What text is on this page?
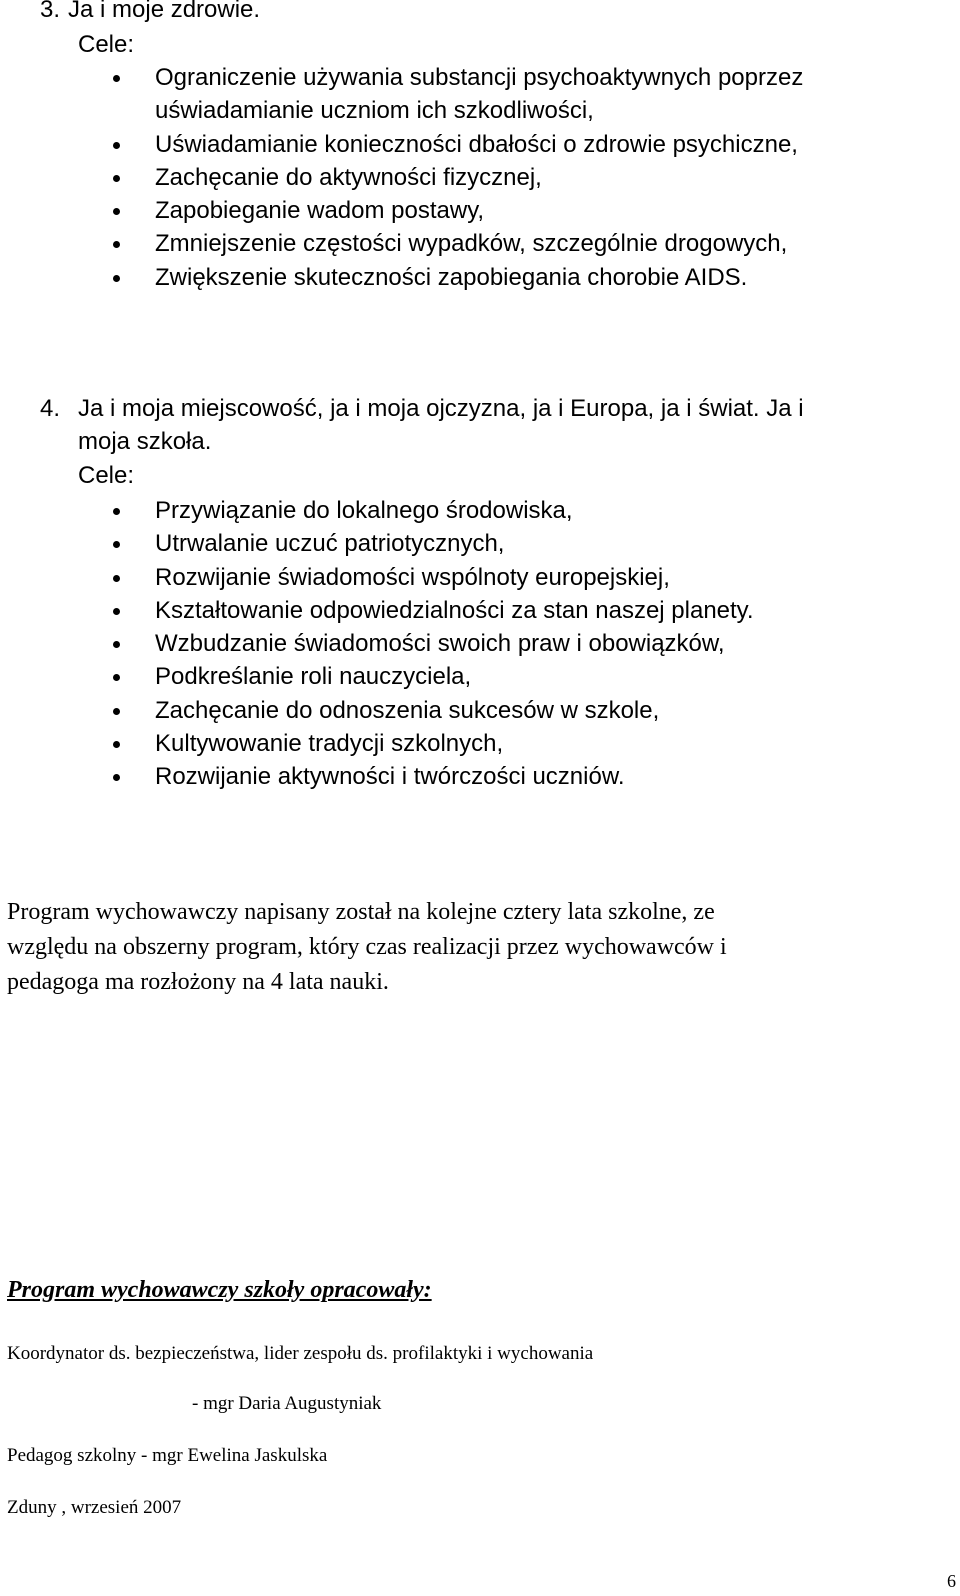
3. Ja i moje zdrowie.
Cele:
Ograniczenie używania substancji psychoaktywnych poprzez
uświadamianie uczniom ich szkodliwości,
Uświadamianie konieczności dbałości o zdrowie psychiczne,
Zachęcanie do aktywności fizycznej,
Zapobieganie wadom postawy,
Zmniejszenie częstości wypadków, szczególnie drogowych,
Zwiększenie skuteczności zapobiegania chorobie AIDS.
4. Ja i moja miejscowość, ja i moja ojczyzna, ja i Europa, ja i świat. Ja i
moja szkoła.
Cele:
Przywiązanie do lokalnego środowiska,
Utrwalanie uczuć patriotycznych,
Rozwijanie świadomości wspólnoty europejskiej,
Kształtowanie odpowiedzialności za stan naszej planety.
Wzbudzanie świadomości swoich praw i obowiązków,
Podkreślanie roli nauczyciela,
Zachęcanie do odnoszenia sukcesów w szkole,
Kultywowanie tradycji szkolnych,
Rozwijanie aktywności i twórczości uczniów.
Program wychowawczy napisany został na kolejne cztery lata szkolne, ze
względu na obszerny program, który czas realizacji przez wychowawców i
pedagoga ma rozłożony na 4 lata nauki.
Program wychowawczy szkoły opracowały:
Koordynator ds. bezpieczeństwa, lider zespołu ds. profilaktyki i wychowania
- mgr Daria Augustyniak
Pedagog szkolny - mgr Ewelina Jaskulska
Zduny , wrzesień 2007
6
